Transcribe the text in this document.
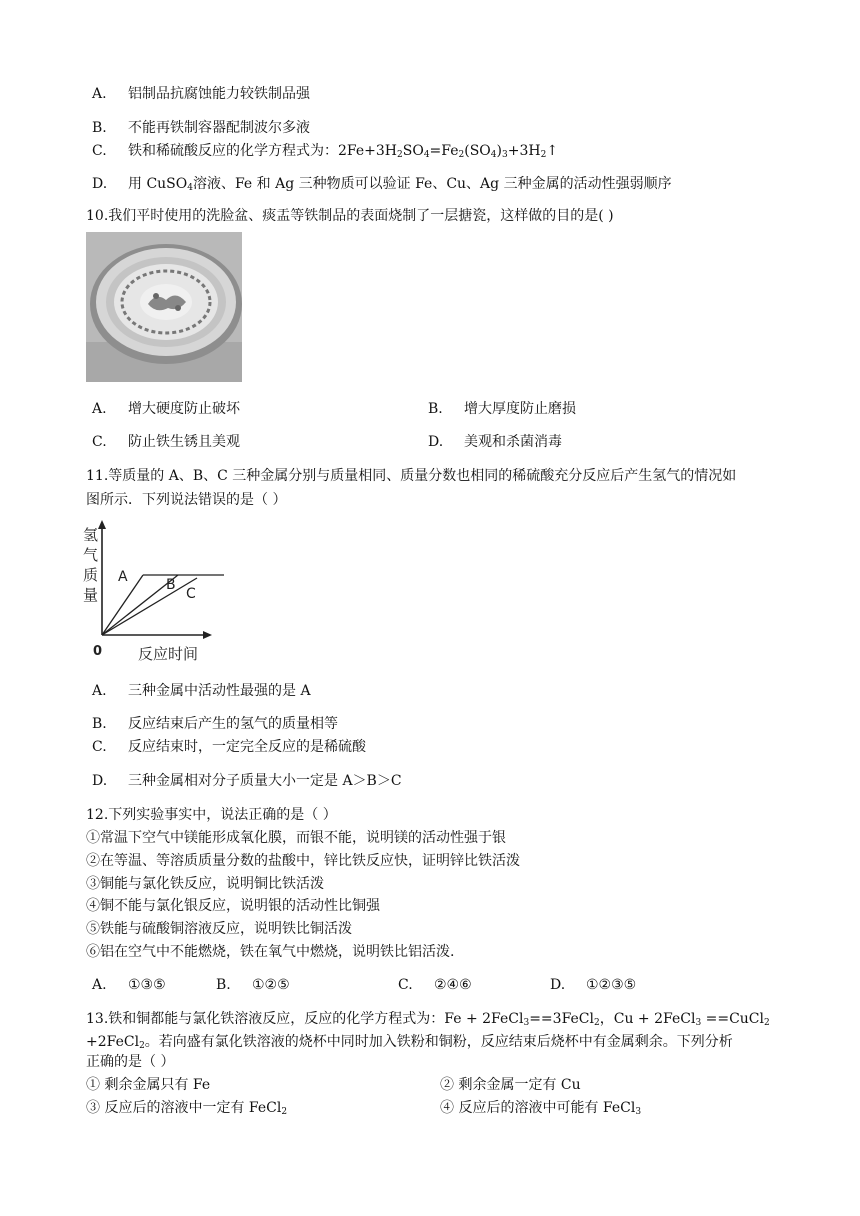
A. 铝制品抗腐蚀能力较铁制品强
B. 不能再铁制容器配制波尔多液
C. 铁和稀硫酸反应的化学方程式为：$2Fe+3H_2SO_4=Fe_2(SO_4)_3+3H_2↑$
D. 用 CuSO$_4$溶液、Fe 和 Ag 三种物质可以验证 Fe、Cu、Ag 三种金属的活动性强弱顺序
10.我们平时使用的洗脸盆、痰盂等铁制品的表面烧制了一层搪瓷，这样做的目的是( )
A. 增大硬度防止破坏	B. 增大厚度防止磨损
C. 防止铁生锈且美观	D. 美观和杀菌消毒
11.等质量的 A、B、C 三种金属分别与质量相同、质量分数也相同的稀硫酸充分反应后产生氢气的情况如
图所示．下列说法错误的是（ ）
氢
气
质
量
A	B
C
0 反应时间
A. 三种金属中活动性最强的是 A
B. 反应结束后产生的氢气的质量相等
C. 反应结束时，一定完全反应的是稀硫酸
D. 三种金属相对分子质量大小一定是 A＞B＞C
12.下列实验事实中，说法正确的是（ ）
①常温下空气中镁能形成氧化膜，而银不能，说明镁的活动性强于银
②在等温、等溶质质量分数的盐酸中，锌比铁反应快，证明锌比铁活泼
③铜能与氯化铁反应，说明铜比铁活泼
④铜不能与氯化银反应，说明银的活动性比铜强
⑤铁能与硫酸铜溶液反应，说明铁比铜活泼
⑥铝在空气中不能燃烧，铁在氧气中燃烧，说明铁比铝活泼.
A. ①③⑤	B. ①②⑤	C. ②④⑥	D. ①②③⑤
13.铁和铜都能与氯化铁溶液反应，反应的化学方程式为：Fe + 2FeCl$_3$==3FeCl$_2$，Cu + 2FeCl$_3$ ==CuCl$_2$
+2FeCl$_2$。若向盛有氯化铁溶液的烧杯中同时加入铁粉和铜粉，反应结束后烧杯中有金属剩余。下列分析
正确的是（ ）
① 剩余金属只有 Fe	② 剩余金属一定有 Cu
③ 反应后的溶液中一定有 FeCl$_2$	④ 反应后的溶液中可能有 FeCl$_3$
